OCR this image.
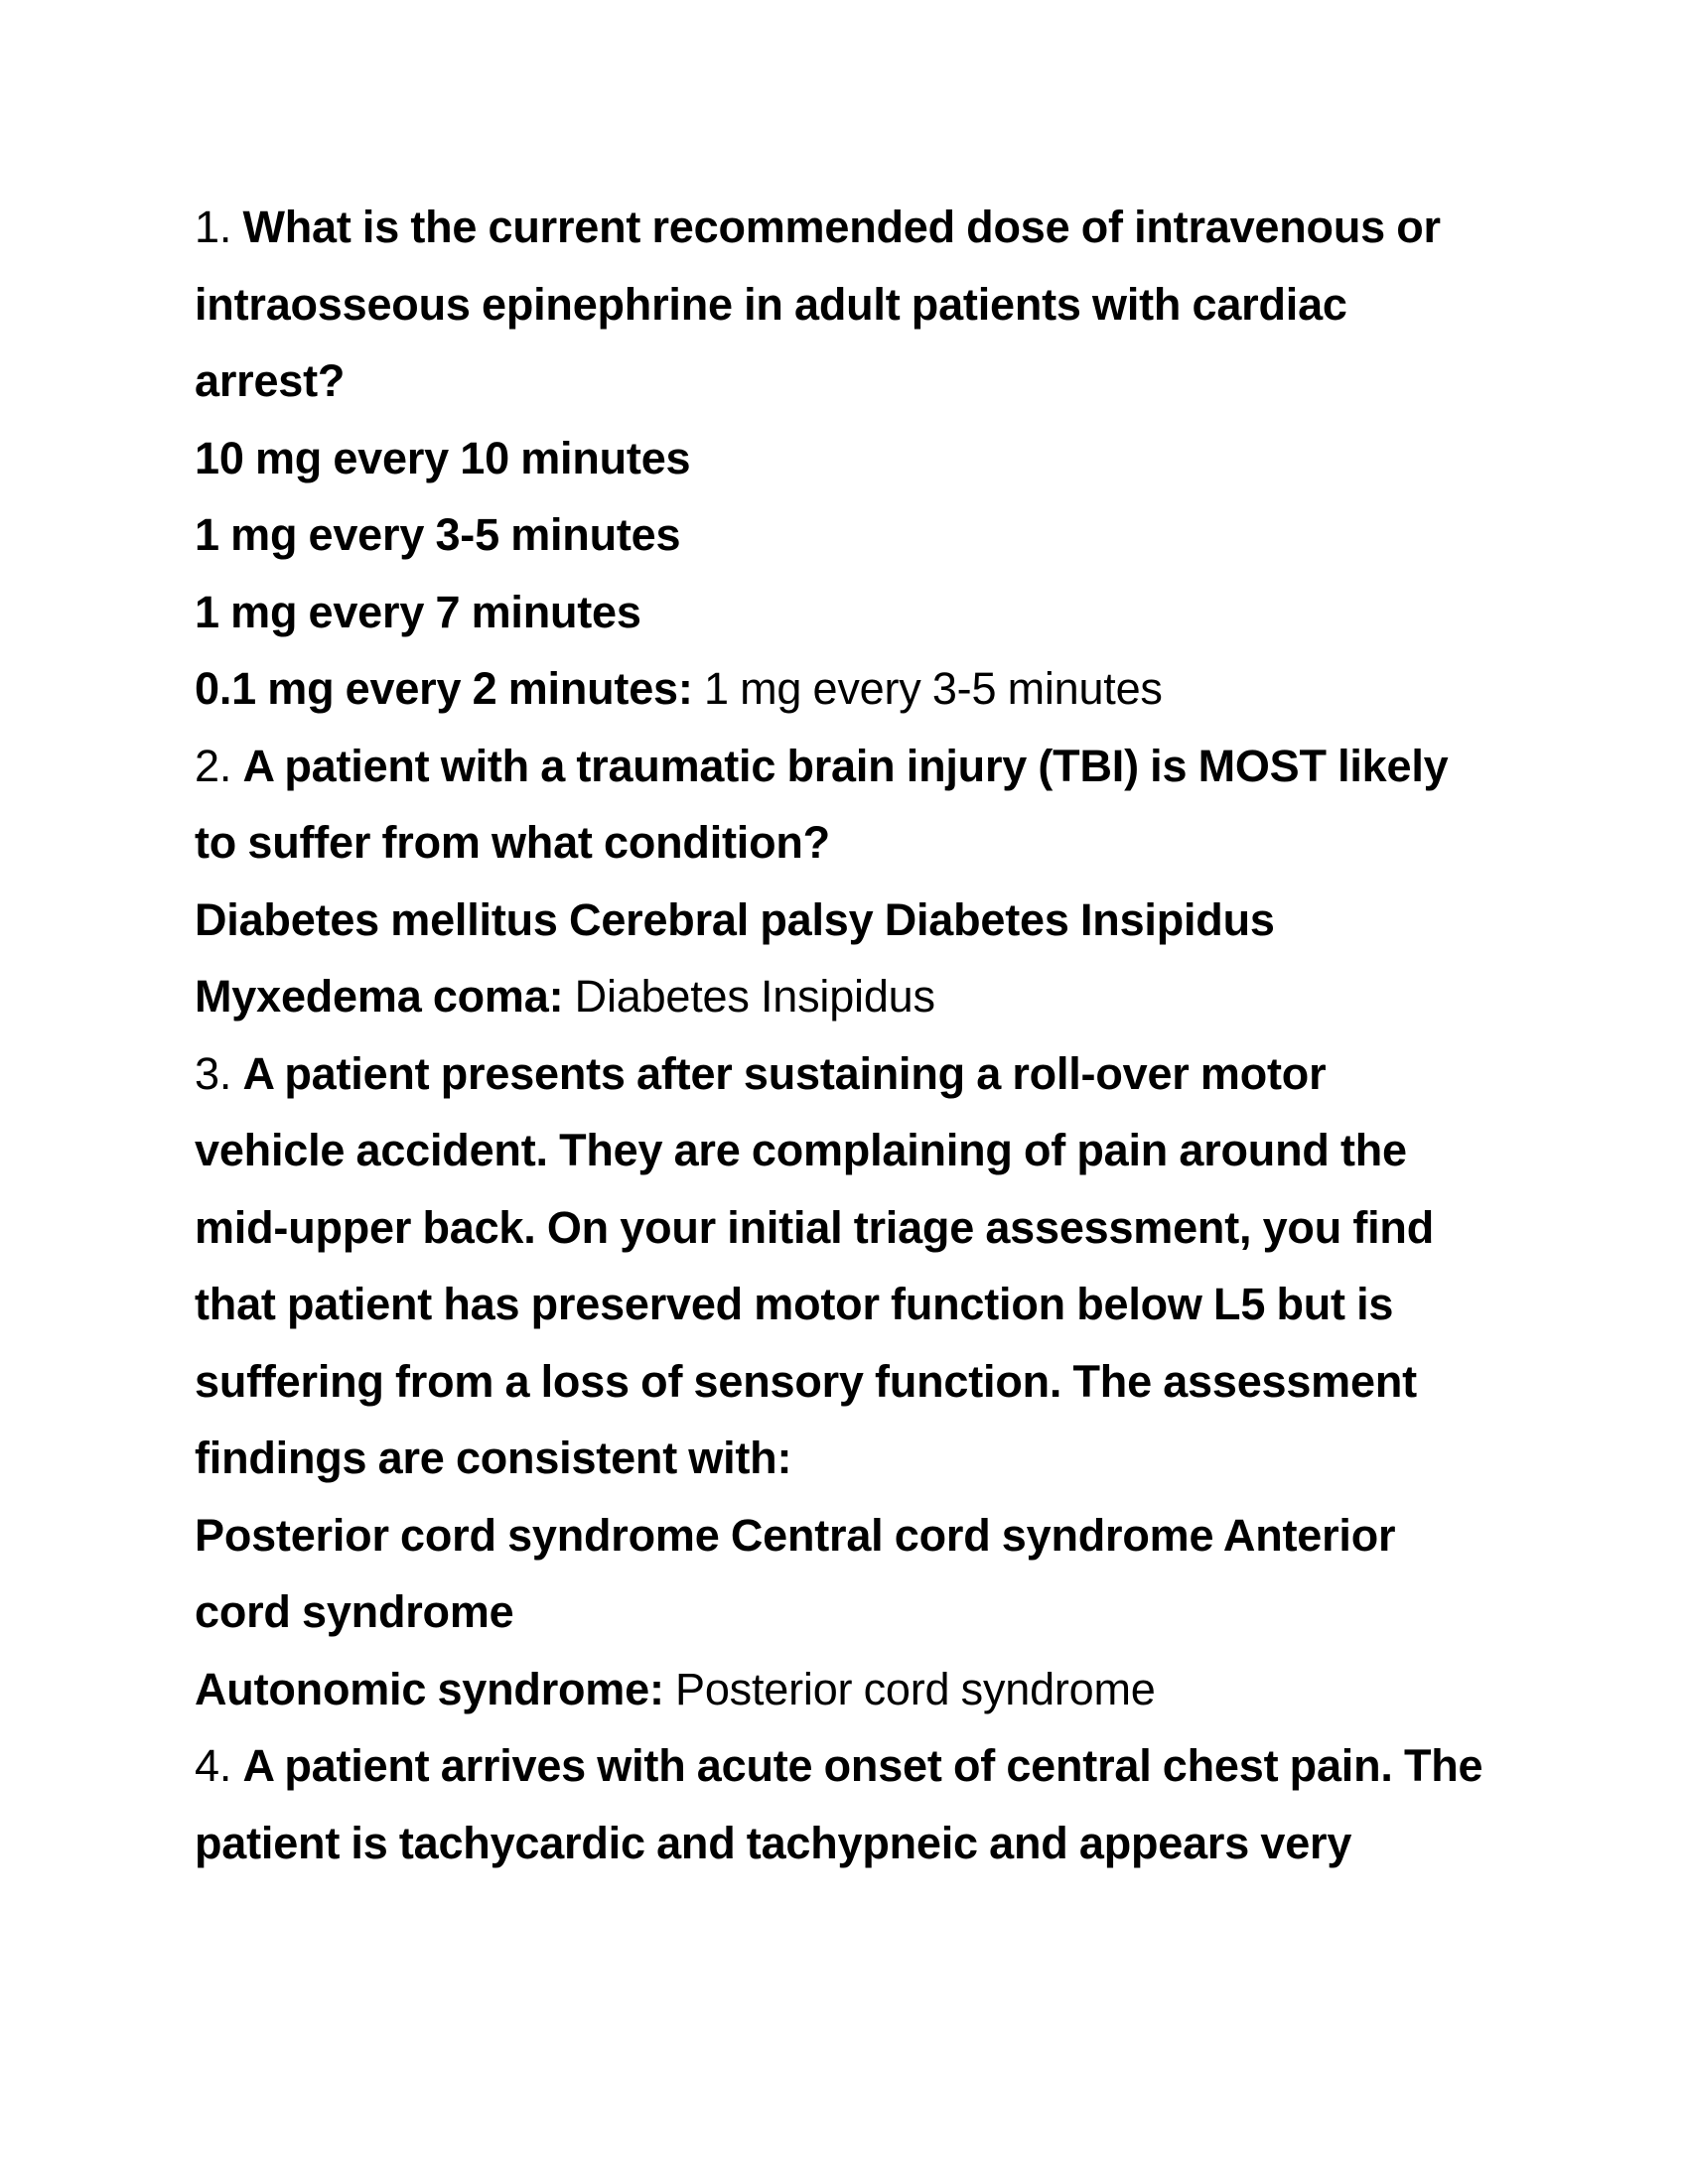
1. What is the current recommended dose of intravenous or
intraosseous epinephrine in adult patients with cardiac
arrest?
10 mg every 10 minutes
1 mg every 3-5 minutes
1 mg every 7 minutes
0.1 mg every 2 minutes: 1 mg every 3-5 minutes
2. A patient with a traumatic brain injury (TBI) is MOST likely
to suffer from what condition?
Diabetes mellitus Cerebral palsy Diabetes Insipidus
Myxedema coma: Diabetes Insipidus
3. A patient presents after sustaining a roll-over motor
vehicle accident. They are complaining of pain around the
mid-upper back. On your initial triage assessment, you find
that patient has preserved motor function below L5 but is
suffering from a loss of sensory function. The assessment
findings are consistent with:
Posterior cord syndrome Central cord syndrome Anterior
cord syndrome
Autonomic syndrome: Posterior cord syndrome
4. A patient arrives with acute onset of central chest pain. The
patient is tachycardic and tachypneic and appears very
